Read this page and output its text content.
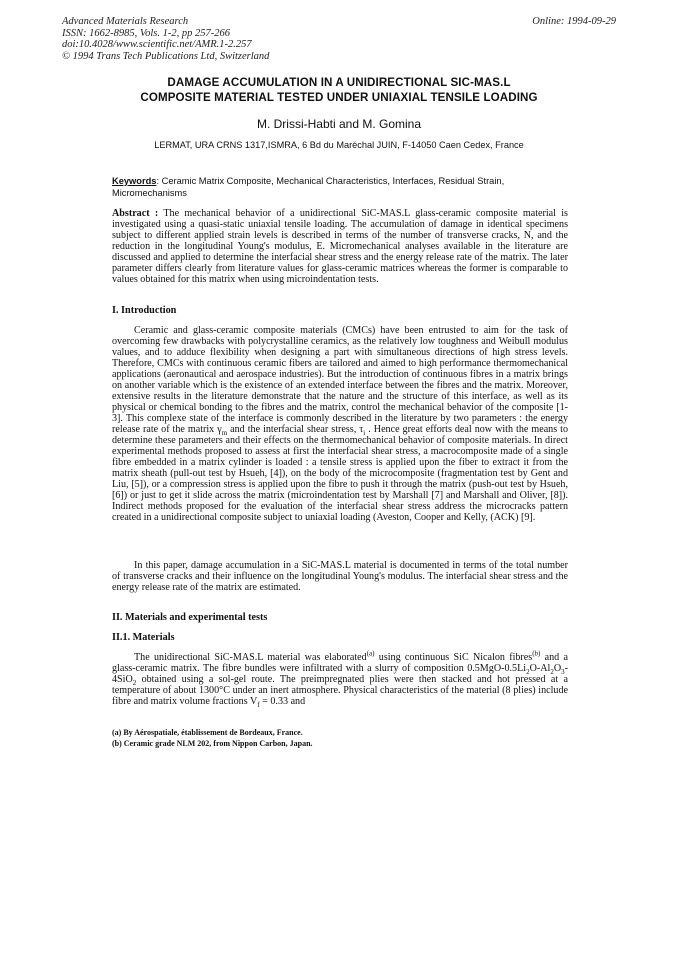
Advanced Materials Research
ISSN: 1662-8985, Vols. 1-2, pp 257-266
doi:10.4028/www.scientific.net/AMR.1-2.257
© 1994 Trans Tech Publications Ltd, Switzerland
Online: 1994-09-29
DAMAGE ACCUMULATION IN A UNIDIRECTIONAL SIC-MAS.L
COMPOSITE MATERIAL TESTED UNDER UNIAXIAL TENSILE LOADING
M. Drissi-Habti and M. Gomina
LERMAT, URA CRNS 1317,ISMRA, 6 Bd du Maréchal JUIN, F-14050 Caen Cedex, France
Keywords: Ceramic Matrix Composite, Mechanical Characteristics, Interfaces, Residual Strain, Micromechanisms
Abstract : The mechanical behavior of a unidirectional SiC-MAS.L glass-ceramic composite material is investigated using a quasi-static uniaxial tensile loading. The accumulation of damage in identical specimens subject to different applied strain levels is described in terms of the number of transverse cracks, N, and the reduction in the longitudinal Young's modulus, E. Micromechanical analyses available in the literature are discussed and applied to determine the interfacial shear stress and the energy release rate of the matrix. The later parameter differs clearly from literature values for glass-ceramic matrices whereas the former is comparable to values obtained for this matrix when using microindentation tests.
I. Introduction
Ceramic and glass-ceramic composite materials (CMCs) have been entrusted to aim for the task of overcoming few drawbacks with polycrystalline ceramics, as the relatively low toughness and Weibull modulus values, and to adduce flexibility when designing a part with simultaneous directions of high stress levels. Therefore, CMCs with continuous ceramic fibers are tailored and aimed to high performance thermomechanical applications (aeronautical and aerospace industries). But the introduction of continuous fibres in a matrix brings on another variable which is the existence of an extended interface between the fibres and the matrix. Moreover, extensive results in the literature demonstrate that the nature and the structure of this interface, as well as its physical or chemical bonding to the fibres and the matrix, control the mechanical behavior of the composite [1-3]. This complexe state of the interface is commonly described in the literature by two parameters : the energy release rate of the matrix $\gamma_m$ and the interfacial shear stress, $\tau_i$ . Hence great efforts deal now with the means to determine these parameters and their effects on the thermomechanical behavior of composite materials. In direct experimental methods proposed to assess at first the interfacial shear stress, a macrocomposite made of a single fibre embedded in a matrix cylinder is loaded : a tensile stress is applied upon the fiber to extract it from the matrix sheath (pull-out test by Hsueh, [4]), on the body of the microcomposite (fragmentation test by Gent and Liu, [5]), or a compression stress is applied upon the fibre to push it through the matrix (push-out test by Hsueh, [6]) or just to get it slide across the matrix (microindentation test by Marshall [7] and Marshall and Oliver, [8]). Indirect methods proposed for the evaluation of the interfacial shear stress address the microcracks pattern created in a unidirectional composite subject to uniaxial loading (Aveston, Cooper and Kelly, (ACK) [9].
In this paper, damage accumulation in a SiC-MAS.L material is documented in terms of the total number of transverse cracks and their influence on the longitudinal Young's modulus. The interfacial shear stress and the energy release rate of the matrix are estimated.
II. Materials and experimental tests
II.1. Materials
The unidirectional SiC-MAS.L material was elaborated$^{(a)}$ using continuous SiC Nicalon fibres$^{(b)}$ and a glass-ceramic matrix. The fibre bundles were infiltrated with a slurry of composition $0.5MgO-0.5Li_2O-Al_2O_3-4SiO_2$ obtained using a sol-gel route. The preimpregnated plies were then stacked and hot pressed at a temperature of about 1300°C under an inert atmosphere. Physical characteristics of the material (8 plies) include fibre and matrix volume fractions $V_f = 0.33$ and
(a) By Aérospatiale, établissement de Bordeaux, France.
(b) Ceramic grade NLM 202, from Nippon Carbon, Japan.
